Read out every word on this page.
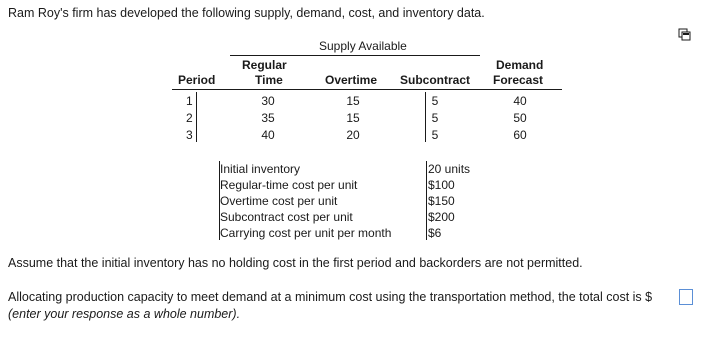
Ram Roy's firm has developed the following supply, demand, cost, and inventory data.
Supply Available
Period
Regular
Time	Overtime Subcontract
Demand
Forecast
1	30	15	5	40
2	35	15	5	50
3	40	20	5	60
Initial inventory	20 units
Regular-time cost per unit	$100
Overtime cost per unit	$150
Subcontract cost per unit	$200
Carrying cost per unit per month	$6
Assume that the initial inventory has no holding cost in the first period and backorders are not permitted.
Allocating production capacity to meet demand at a minimum cost using the transportation method, the total cost is $
(enter your response as a whole number).
